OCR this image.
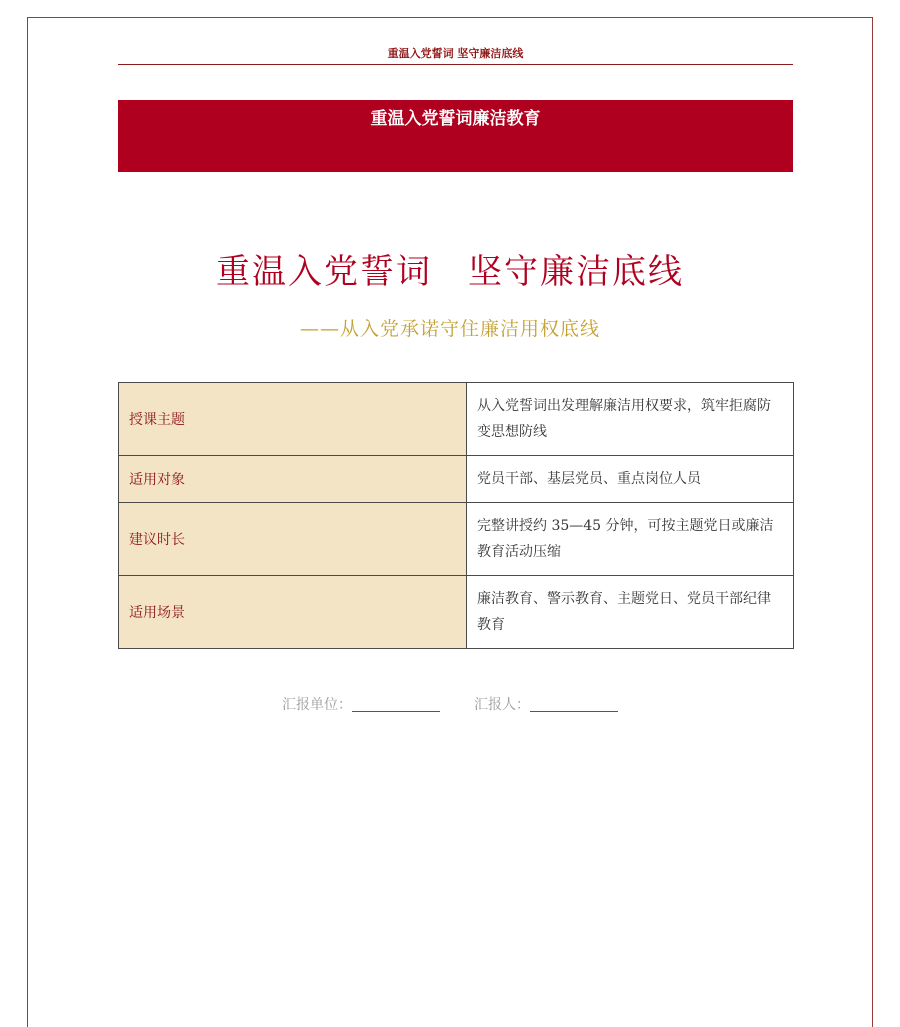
重温入党誓词 坚守廉洁底线
重温入党誓词廉洁教育
重温入党誓词　坚守廉洁底线
——从入党承诺守住廉洁用权底线
授课主题	从入党誓词出发理解廉洁用权要求，筑牢拒腐防变思想防线
适用对象	党员干部、基层党员、重点岗位人员
建议时长	完整讲授约 35—45 分钟，可按主题党日或廉洁教育活动压缩
适用场景	廉洁教育、警示教育、主题党日、党员干部纪律教育
汇报单位：	汇报人：
